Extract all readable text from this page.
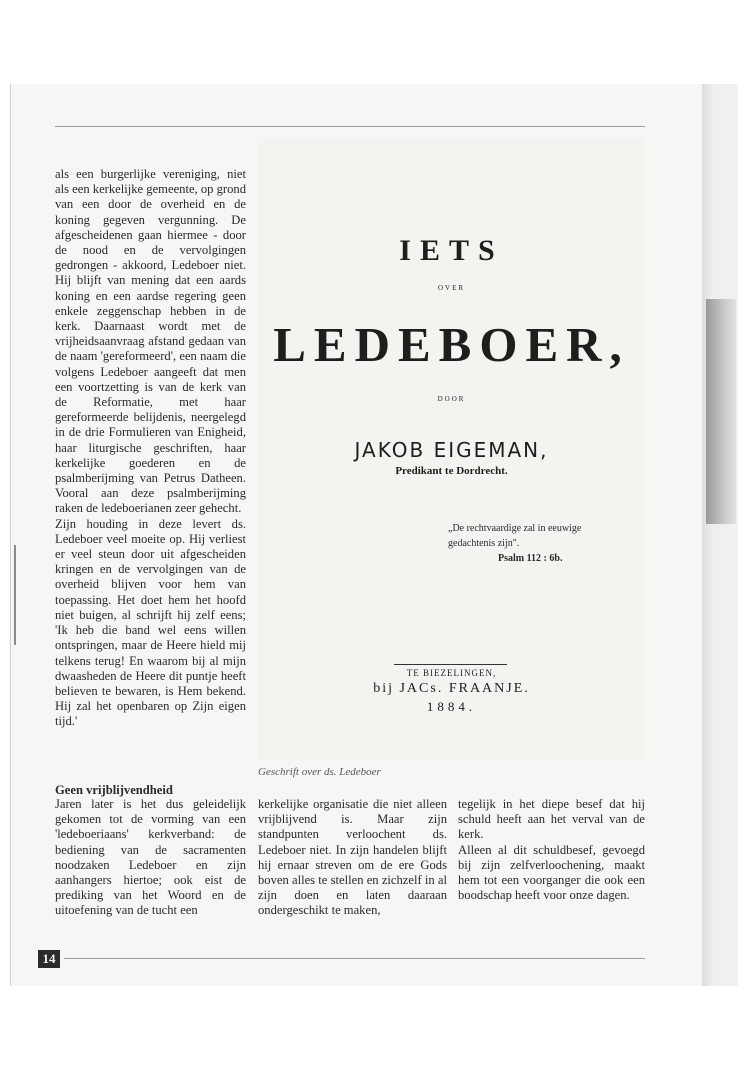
als een burgerlijke vereniging, niet als een kerkelijke gemeente, op grond van een door de overheid en de koning gegeven vergunning. De afgescheidenen gaan hiermee - door de nood en de vervolgingen gedrongen - akkoord, Ledeboer niet. Hij blijft van mening dat een aards koning en een aardse regering geen enkele zeggenschap hebben in de kerk. Daarnaast wordt met de vrijheidsaanvraag afstand gedaan van de naam 'gereformeerd', een naam die volgens Ledeboer aangeeft dat men een voortzetting is van de kerk van de Reformatie, met haar gereformeerde belijdenis, neergelegd in de drie Formulieren van Enigheid, haar liturgische geschriften, haar kerkelijke goederen en de psalmberijming van Petrus Datheen. Vooral aan deze psalmberijming raken de ledeboerianen zeer gehecht.

Zijn houding in deze levert ds. Ledeboer veel moeite op. Hij verliest er veel steun door uit afgescheiden kringen en de vervolgingen van de overheid blijven voor hem van toepassing. Het doet hem het hoofd niet buigen, al schrijft hij zelf eens; 'Ik heb die band wel eens willen ontspringen, maar de Heere hield mij telkens terug! En waarom bij al mijn dwaasheden de Heere dit puntje heeft believen te bewaren, is Hem bekend. Hij zal het openbaren op Zijn eigen tijd.'

IETS
OVER
LEDEBOER,
DOOR
JAKOB EIGEMAN,
Predikant te Dordrecht.
„De rechtvaardige zal in eeuwige
gedachtenis zijn".
Psalm 112 : 6b.
TE BIEZELINGEN,
bij JACs. FRAANJE.
1884.
Geschrift over ds. Ledeboer
Geen vrijblijvendheid

Jaren later is het dus geleidelijk gekomen tot de vorming van een 'ledeboeriaans' kerkverband: de bediening van de sacramenten noodzaken Ledeboer en zijn aanhangers hiertoe; ook eist de prediking van het Woord en de uitoefening van de tucht een

kerkelijke organisatie die niet alleen vrijblijvend is. Maar zijn standpunten verloochent ds. Ledeboer niet. In zijn handelen blijft hij ernaar streven om de ere Gods boven alles te stellen en zichzelf in al zijn doen en laten daaraan ondergeschikt te maken,

tegelijk in het diepe besef dat hij schuld heeft aan het verval van de kerk.

Alleen al dit schuldbesef, gevoegd bij zijn zelfverloochening, maakt hem tot een voorganger die ook een boodschap heeft voor onze dagen.

14
